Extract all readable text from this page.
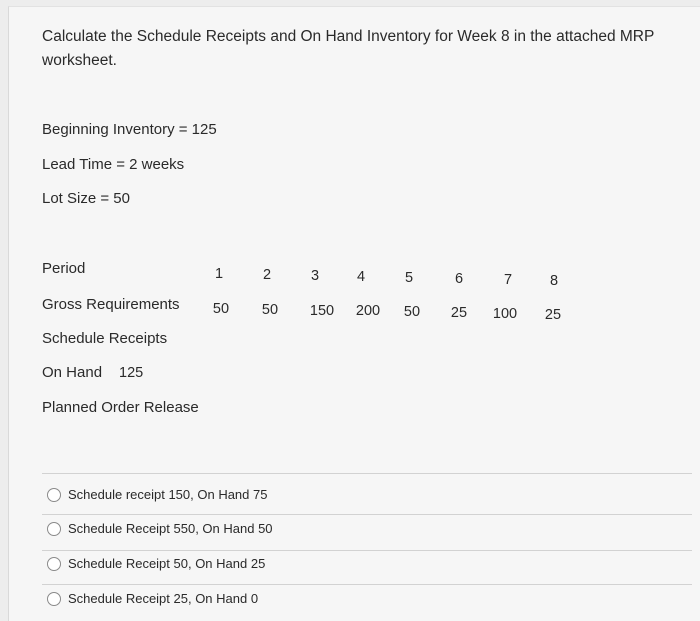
Calculate the Schedule Receipts and On Hand Inventory for Week 8 in the attached MRP worksheet.
Beginning Inventory = 125
Lead Time = 2 weeks
Lot Size = 50
Period	1	2	3	4	5	6	7	8
Gross Requirements	50	50	150	200	50	25	100	25
Schedule Receipts
On Hand 125
Planned Order Release
Schedule receipt 150, On Hand 75
Schedule Receipt 550, On Hand 50
Schedule Receipt 50, On Hand 25
Schedule Receipt 25, On Hand 0
